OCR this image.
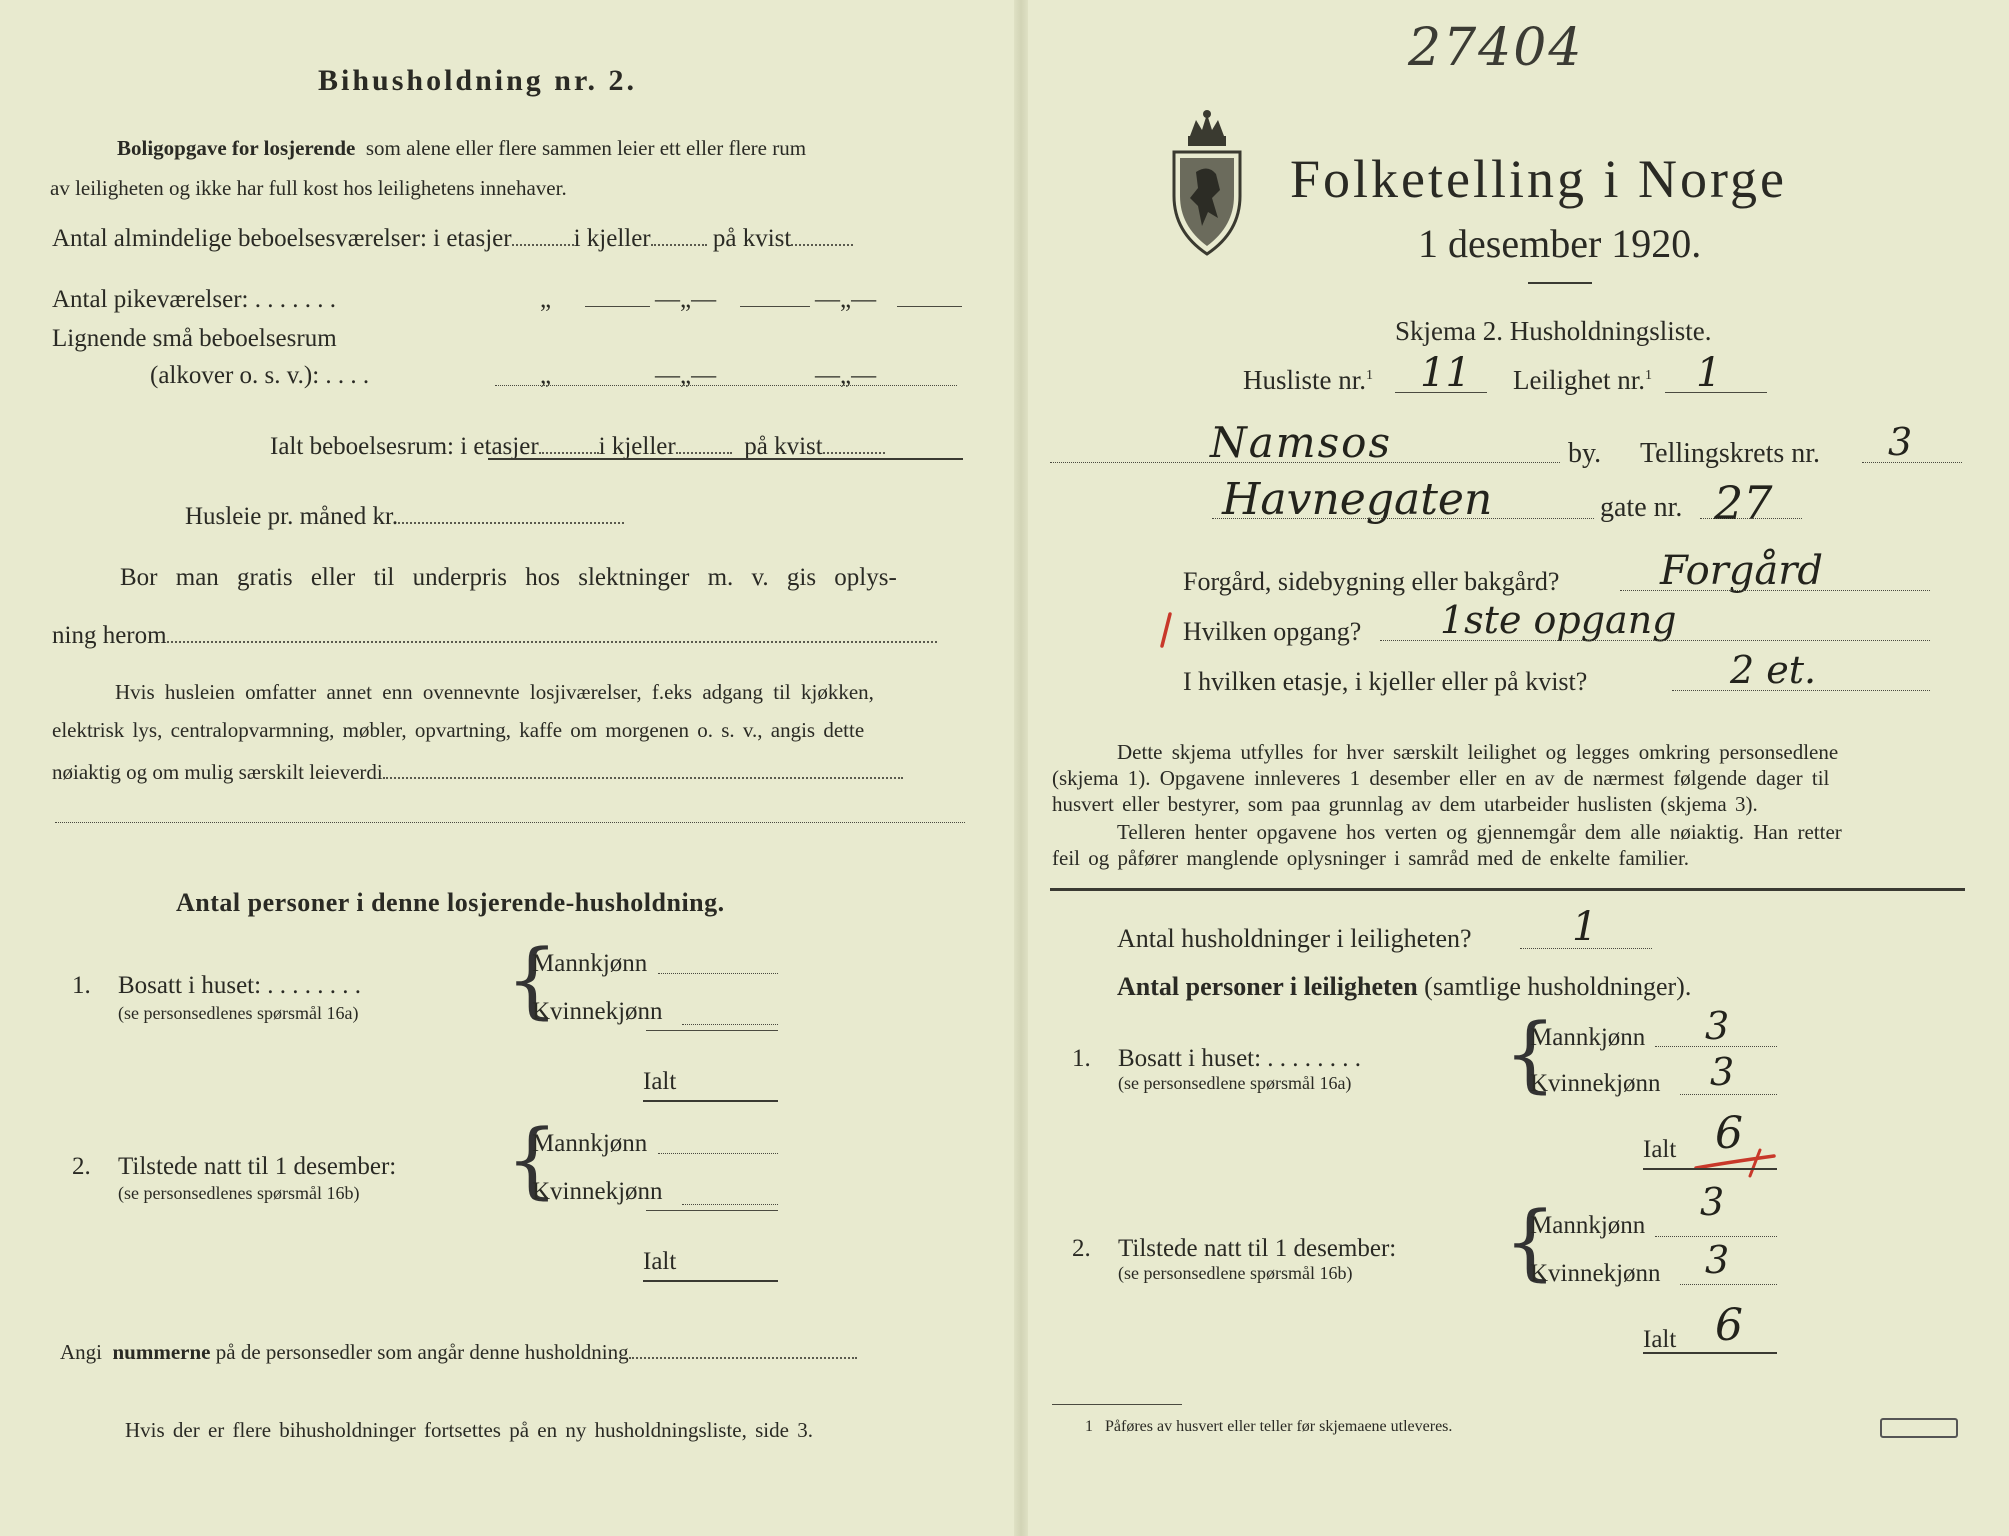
Bihusholdning nr. 2.
Boligopgave for losjerende som alene eller flere sammen leier ett eller flere rum
av leiligheten og ikke har full kost hos leilighetens innehaver.
Antal almindelige beboelsesværelser: i etasjer i kjeller på kvist
Antal pikeværelser: . . . . . . .	„	—„—	—„—
Lignende små beboelsesrum
(alkover o. s. v.): . . . .	„	—„—	—„—
Ialt beboelsesrum: i etasjer i kjeller	på kvist
Husleie pr. måned kr.
Bor man gratis eller til underpris hos slektninger m. v. gis oplys-
ning herom
Hvis husleien omfatter annet enn ovennevnte losjiværelser, f.eks adgang til kjøkken,
elektrisk lys, centralopvarmning, møbler, opvartning, kaffe om morgenen o. s. v., angis dette
nøiaktig og om mulig særskilt leieverdi
Antal personer i denne losjerende-husholdning.
1. Bosatt i huset: . . . . . . . .
(se personsedlenes spørsmål 16a) {
Mannkjønn
Kvinnekjønn
Ialt
2. Tilstede natt til 1 desember:
(se personsedlenes spørsmål 16b) {
Mannkjønn
Kvinnekjønn
Ialt
Angi nummerne på de personsedler som angår denne husholdning
Hvis der er flere bihusholdninger fortsettes på en ny husholdningsliste, side 3.
27404
Folketelling i Norge
1 desember 1920.
Skjema 2. Husholdningsliste.
Husliste nr.$^1$ 11 Leilighet nr.$^1$ 1
Namsos	by. Tellingskrets nr. 3
Havnegaten	gate nr. 27
Forgård, sidebygning eller bakgård?	Forgård
Hvilken opgang? 1ste opgang
I hvilken etasje, i kjeller eller på kvist?	2 et.
Dette skjema utfylles for hver særskilt leilighet og legges omkring personsedlene
(skjema 1). Opgavene innleveres 1 desember eller en av de nærmest følgende dager til
husvert eller bestyrer, som paa grunnlag av dem utarbeider huslisten (skjema 3).
Telleren henter opgavene hos verten og gjennemgår dem alle nøiaktig. Han retter
feil og påfører manglende oplysninger i samråd med de enkelte familier.
Antal husholdninger i leiligheten?	1
Antal personer i leiligheten (samtlige husholdninger).
1. Bosatt i huset: . . . . . . . .
(se personsedlene spørsmål 16a) {
Mannkjønn 3
Kvinnekjønn 3
Ialt 6
2. Tilstede natt til 1 desember:
(se personsedlene spørsmål 16b) {
Mannkjønn
3
Kvinnekjønn 3
Ialt 6
1 Påføres av husvert eller teller før skjemaene utleveres.
